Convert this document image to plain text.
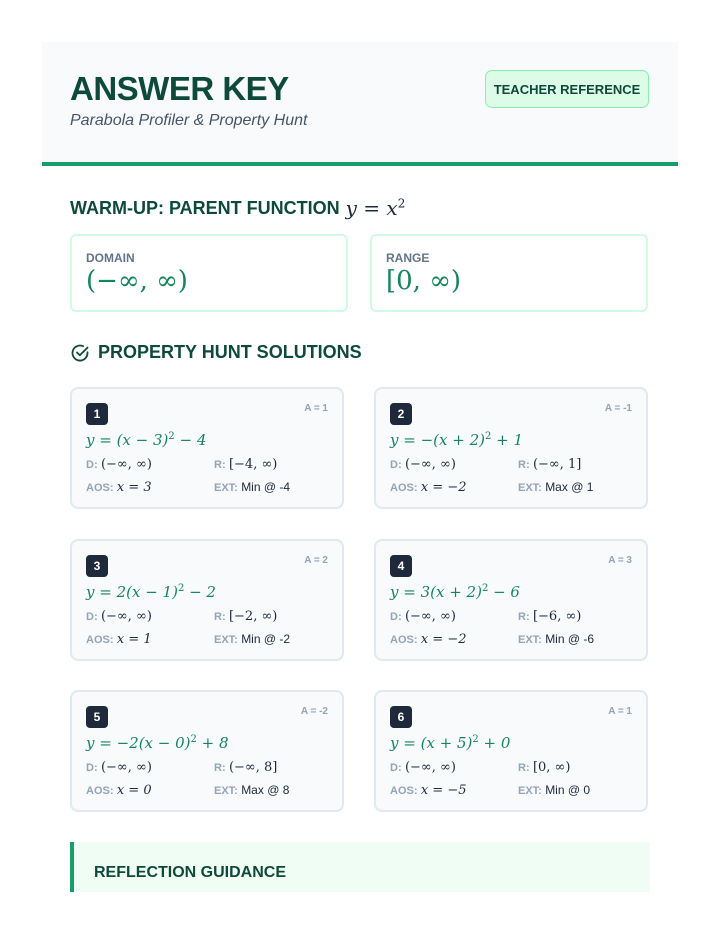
ANSWER KEY
Parabola Profiler & Property Hunt
TEACHER REFERENCE
WARM-UP: PARENT FUNCTION $y = x^2$
DOMAIN
(−∞, ∞)
RANGE
[0, ∞)
PROPERTY HUNT SOLUTIONS
1	A = 1
$y = (x - 3)^2 - 4$
D: (−∞, ∞)	R: [−4, ∞)
AOS: x = 3	EXT: Min @ -4
2	A = -1
$y = -(x + 2)^2 + 1$
D: (−∞, ∞)	R: (−∞, 1]
AOS: x = −2	EXT: Max @ 1
3	A = 2
$y = 2(x - 1)^2 - 2$
D: (−∞, ∞)	R: [−2, ∞)
AOS: x = 1	EXT: Min @ -2
4	A = 3
$y = 3(x + 2)^2 - 6$
D: (−∞, ∞)	R: [−6, ∞)
AOS: x = −2	EXT: Min @ -6
5	A = -2
$y = -2(x - 0)^2 + 8$
D: (−∞, ∞)	R: (−∞, 8]
AOS: x = 0	EXT: Max @ 8
6	A = 1
$y = (x + 5)^2 + 0$
D: (−∞, ∞)	R: [0, ∞)
AOS: x = −5	EXT: Min @ 0
REFLECTION GUIDANCE
